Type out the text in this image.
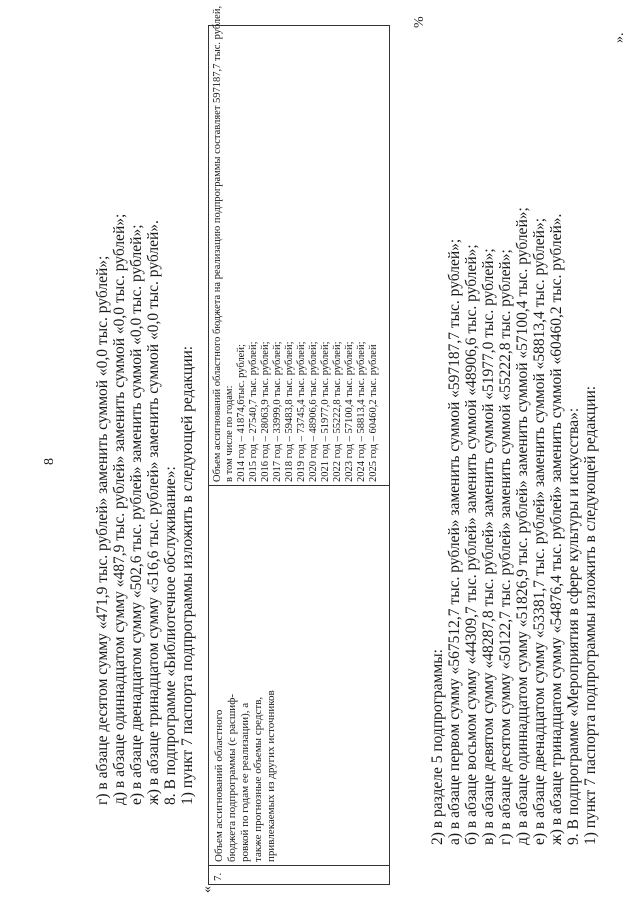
8 г) в абзаце десятом сумму «471,9 тыс. рублей» заменить суммой «0,0 тыс. рублей»; д) в абзаце одиннадцатом сумму «487,9 тыс. рублей» заменить суммой «0,0 тыс. рублей»; е) в абзаце двенадцатом сумму «502,6 тыс. рублей» заменить суммой «0,0 тыс. рублей»; ж) в абзаце тринадцатом сумму «516,6 тыс. рублей» заменить суммой «0,0 тыс. рублей». 8. В подпрограмме «Библиотечное обслуживание»: 1) пункт 7 паспорта подпрограммы изложить в следующей редакции:
«
7.
Объем ассигнований областного бюджета подпрограммы (с расшиф- ровкой по годам ее реализации), а также прогнозные объемы средств, привлекаемых из других источников
Объем ассигнований областного бюджета на реализацию подпрограммы составляет 597187,7 тыс. рублей, в том числе по годам: 2014 год – 41874,6тыс. рублей; 2015 год – 27540,7 тыс. рублей; 2016 год – 28063,9 тыс. рублей; 2017 год – 33999,0 тыс. рублей; 2018 год – 59483,8 тыс. рублей; 2019 год – 73745,4 тыс. рублей; 2020 год – 48906,6 тыс. рублей; 2021 год – 51977,0 тыс. рублей; 2022 год – 55222,8 тыс. рублей; 2023 год – 57100,4 тыс. рублей; 2024 год – 58813,4 тыс. рублей; 2025 год – 60460,2 тыс. рублей
%
2) в разделе 5 подпрограммы: а) в абзаце первом сумму «567512,7 тыс. рублей» заменить суммой «597187,7 тыс. рублей»; б) в абзаце восьмом сумму «44309,7 тыс. рублей» заменить суммой «48906,6 тыс. рублей»; в) в абзаце девятом сумму «48287,8 тыс. рублей» заменить суммой «51977,0 тыс. рублей»; г) в абзаце десятом сумму «50122,7 тыс. рублей» заменить суммой «55222,8 тыс. рублей»; д) в абзаце одиннадцатом сумму «51826,9 тыс. рублей» заменить суммой «57100,4 тыс. рублей»; е) в абзаце двенадцатом сумму «53381,7 тыс. рублей» заменить суммой «58813,4 тыс. рублей»; ж) в абзаце тринадцатом сумму «54876,4 тыс. рублей» заменить суммой «60460,2 тыс. рублей». 9. В подпрограмме «Мероприятия в сфере культуры и искусства»: 1) пункт 7 паспорта подпрограммы изложить в следующей редакции:
».
